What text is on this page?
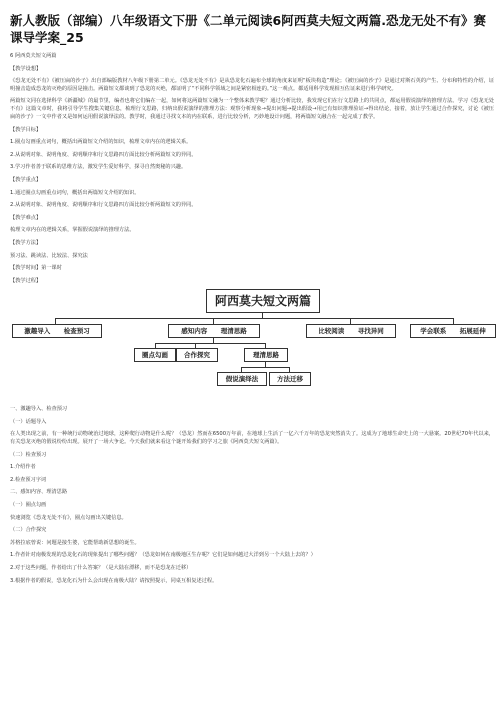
新人教版（部编）八年级语文下册《二单元阅读6阿西莫夫短文两篇.恐龙无处不有》赛课导学案_25
6 阿西莫夫短文两篇
【教学设想】
《恐龙无处不有》《被压扁的沙子》出自部编版教材八年级下册第二单元。《恐龙无处不有》是从恐龙化石遍布全球的角度来证明“板块构造”理论；《被压扁的沙子》是通过对斯石英的产生、分布和特性的介绍，证明撞击造成恐龙的灭绝的原因是撞击。两篇短文都谈到了恐龙的灭绝，都证明了“不同科学领域之间是紧密相连的。”这一观点。都适用科学发现相互佐证来进行科学研究。
两篇短文同在选择科学《新疆城》的最节里，编者也将它们编在一起，如何将这两篇短文融为一个整体来教学呢？通过分析比较，我发现它们在行文思路上的共同点，都运用假说演绎的推理方法。学习《恐龙无处不有》这篇文章时，我将引导学生搜集关键信息，梳理行文思路，归纳出假说演绎的推理方法：观察分析现象→提出问题→提出假设→用已有知识推理验证→得出结论，接着，放让学生通过合作探究，讨论《被压扁的沙子》一文中作者又是如何运用假说演绎法的。教学时，我通过寻找文本的内在联系，进行比较分析，巧妙地设计问题，将两篇短文融合在一起完成了教学。
【教学目标】
1.圈点勾画重点词句，概括出两篇短文介绍的知识，梳理文章内在的逻辑关系。
2.从说明对象、说明角度、说明顺序和行文思路四方面比较分析两篇短文的异同。
3.学习作者善于联系的思维方法，激发学生爱好科学，探寻自然奥秘的兴趣。
【教学重点】
1.通过圈点勾画重点词句，概括出两篇短文介绍的知识。
2.从说明对象、说明角度、说明顺序和行文思路四方面比较分析两篇短文的异同。
【教学难点】
梳理文章内在的逻辑关系，掌握假说演绎的推理方法。
【教学方法】
预习法、跳读法、比较法、探究法
【教学时间】第一课时
【教学过程】
阿西莫夫短文两篇
激趣导入      检查预习	感知内容      理清思路	比较阅读      寻找异同	学会联系      拓展延伸
圈点勾画	合作探究	理清思路
假说演绎法	方法迁移
一、激趣导入、检查预习
（一）话题导入
在人类出现之前，有一种统行动物统治过地球，这种爬行动物是什么呢？（恐龙）然而在6500万年前，在地球上生活了一亿六千万年的恐龙突然消失了。这成为了地球生命史上的一大悬案。20世纪70年代以来，有关恐龙灭绝的假说纷纷出现。展开了一场大争论。今天我们就来看这个谜开始我们的学习之旅《阿西莫夫短文两篇》。
（二）检查预习
1.介绍作者
2.检查预习字词
二、感知内容、理清思路
（一）圈点勾画
快速浏览《恐龙无处不有》，圈点勾画出关键信息。
（二）合作探究
苏格拉底曾说：问题是接生婆，它能帮助新思想的诞生。
1.作者针对南极发现的恐龙化石的现象提出了哪些问题？（恐龙如何在南极地区生存呢？它们是如何越过大洋到另一个大陆上去的？）
2.对于这些问题，作者给出了什么答案？（是大陆在漂移，而不是恐龙在迁移）
3.根据作者的假说，恐龙化石为什么会出现在南极大陆？请按照提示，同桌互相复述过程。
